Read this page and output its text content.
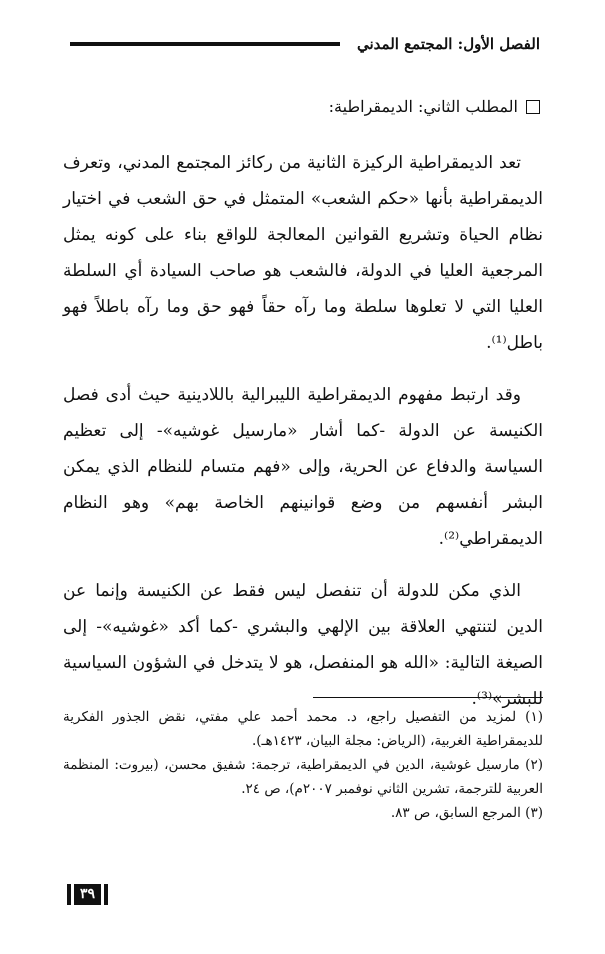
الفصل الأول: المجتمع المدني
المطلب الثاني: الديمقراطية:

تعد الديمقراطية الركيزة الثانية من ركائز المجتمع المدني، وتعرف الديمقراطية بأنها «حكم الشعب» المتمثل في حق الشعب في اختيار نظام الحياة وتشريع القوانين المعالجة للواقع بناء على كونه يمثل المرجعية العليا في الدولة، فالشعب هو صاحب السيادة أي السلطة العليا التي لا تعلوها سلطة وما رآه حقاً فهو حق وما رآه باطلاً فهو باطل⁽¹⁾.

وقد ارتبط مفهوم الديمقراطية الليبرالية باللادينية حيث أدى فصل الكنيسة عن الدولة -كما أشار «مارسيل غوشيه»- إلى تعظيم السياسة والدفاع عن الحرية، وإلى «فهم متسام للنظام الذي يمكن البشر أنفسهم من وضع قوانينهم الخاصة بهم» وهو النظام الديمقراطي⁽²⁾.

الذي مكن للدولة أن تنفصل ليس فقط عن الكنيسة وإنما عن الدين لتنتهي العلاقة بين الإلهي والبشري -كما أكد «غوشيه»- إلى الصيغة التالية: «الله هو المنفصل، هو لا يتدخل في الشؤون السياسية للبشر»⁽³⁾.

(١) لمزيد من التفصيل راجع، د. محمد أحمد علي مفتي، نقض الجذور الفكرية للديمقراطية الغربية، (الرياض: مجلة البيان، ١٤٢٣هـ).

(٢) مارسيل غوشية، الدين في الديمقراطية، ترجمة: شفيق محسن، (بيروت: المنظمة العربية للترجمة، تشرين الثاني نوفمبر ٢٠٠٧م)، ص ٢٤.

(٣) المرجع السابق، ص ٨٣.

٣٩
